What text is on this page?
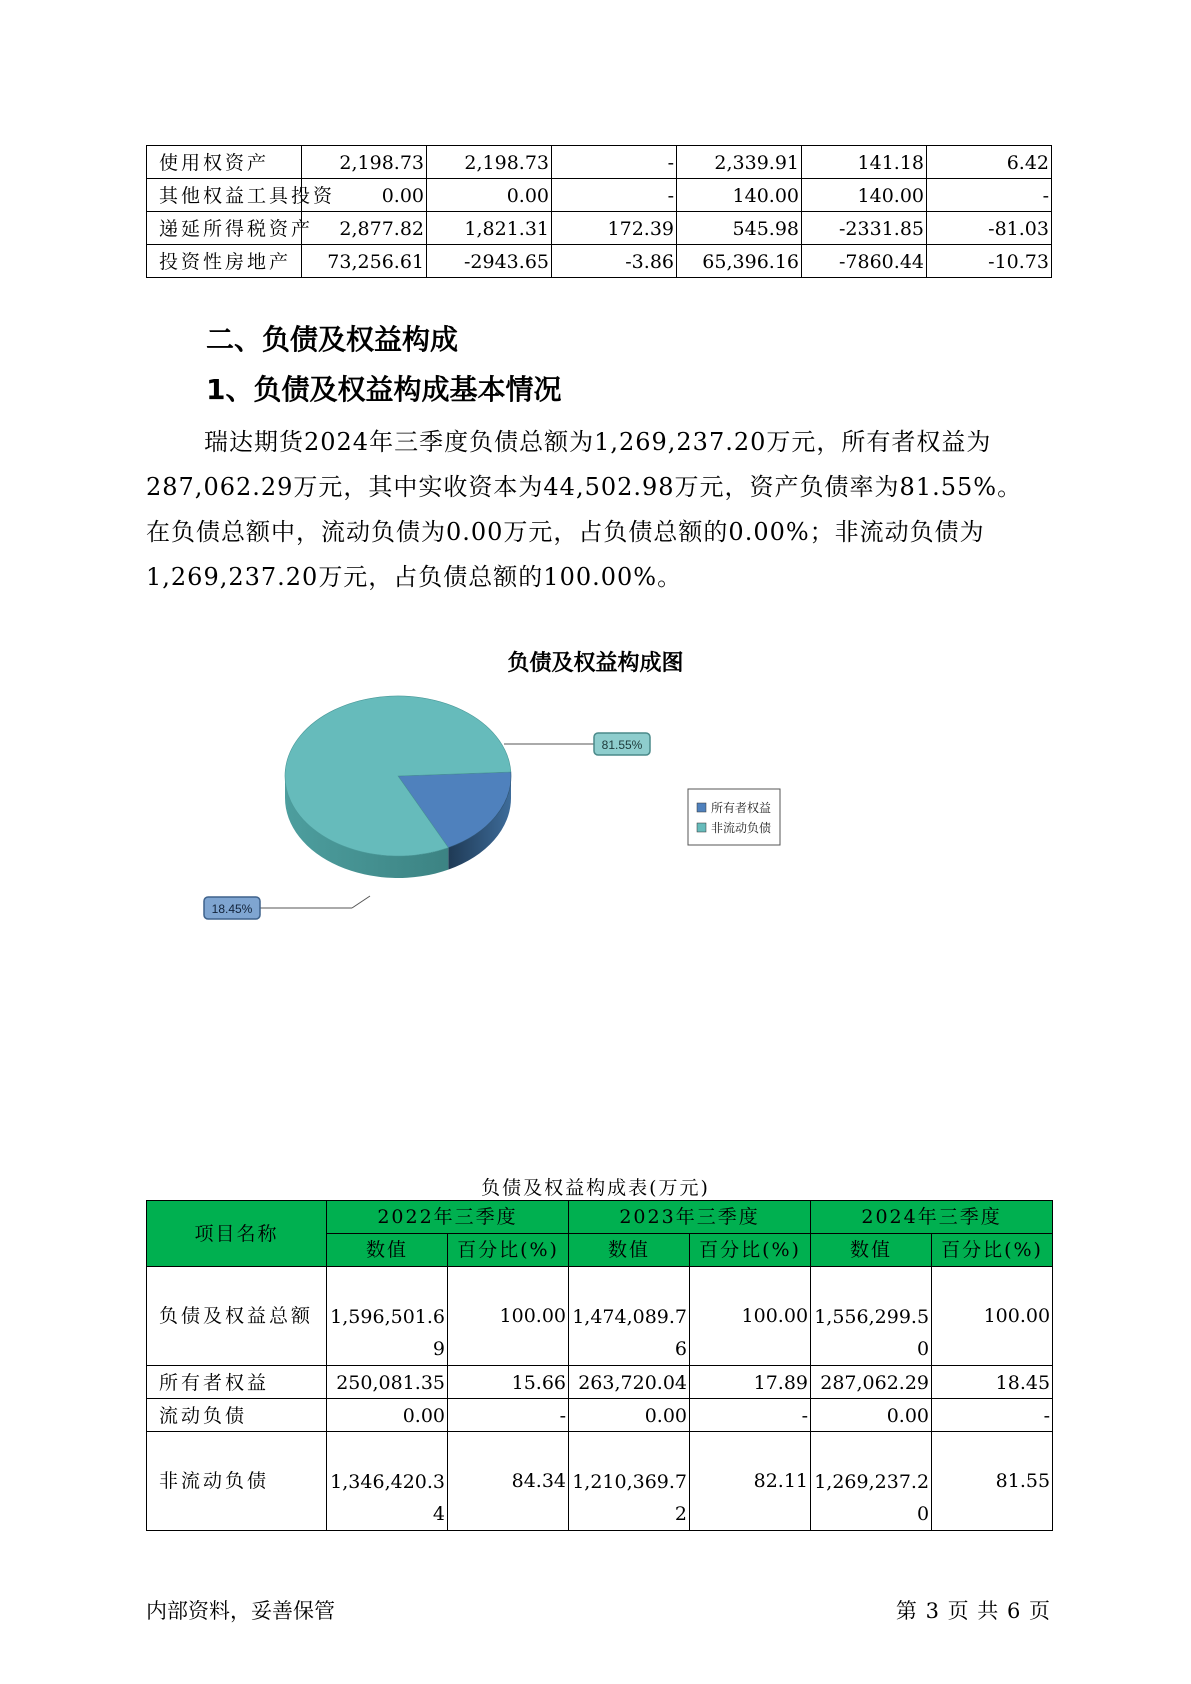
使用权资产	2,198.73	2,198.73	-	2,339.91	141.18	6.42
其他权益工具投资	0.00	0.00	-	140.00	140.00	-
递延所得税资产	2,877.82	1,821.31	172.39	545.98	-2331.85	-81.03
投资性房地产	73,256.61	-2943.65	-3.86	65,396.16	-7860.44	-10.73
二、负债及权益构成
1、负债及权益构成基本情况

瑞达期货2024年三季度负债总额为1,269,237.20万元，所有者权益为

287,062.29万元，其中实收资本为44,502.98万元，资产负债率为81.55%。

在负债总额中，流动负债为0.00万元，占负债总额的0.00%；非流动负债为

1,269,237.20万元，占负债总额的100.00%。

负债及权益构成图
81.55%
18.45%
所有者权益
非流动负债
负债及权益构成表(万元)
项目名称	2022年三季度		2023年三季度		2024年三季度	
	数值	百分比(%)	数值	百分比(%)	数值	百分比(%)
负债及权益总额	1,596,501.69	100.00	1,474,089.76	100.00	1,556,299.50	100.00
所有者权益	250,081.35	15.66	263,720.04	17.89	287,062.29	18.45
流动负债	0.00	-	0.00	-	0.00	-
非流动负债	1,346,420.34	84.34	1,210,369.72	82.11	1,269,237.20	81.55
内部资料，妥善保管	第 3 页 共 6 页
